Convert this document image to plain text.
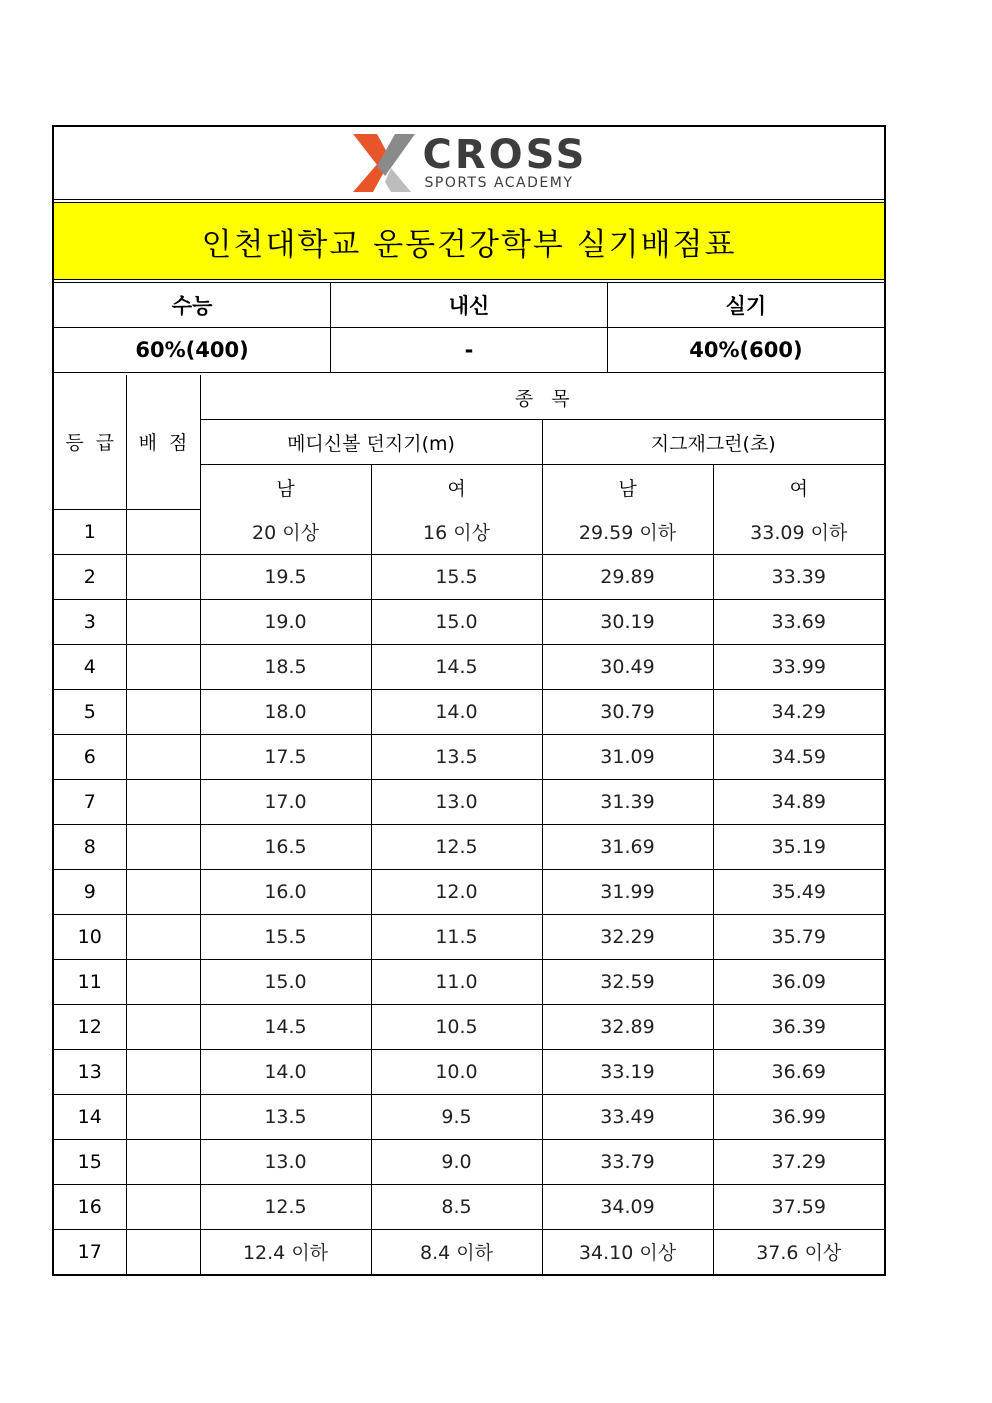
CROSS
SPORTS ACADEMY
인천대학교 운동건강학부 실기배점표
수능	내신	실기
60%(400)	-	40%(600)
등  급	배  점	종   목			
		메디신볼 던지기(m)		지그재그런(초)	
		남	여	남	여
1		20 이상	16 이상	29.59 이하	33.09 이하
2		19.5	15.5	29.89	33.39
3		19.0	15.0	30.19	33.69
4		18.5	14.5	30.49	33.99
5		18.0	14.0	30.79	34.29
6		17.5	13.5	31.09	34.59
7		17.0	13.0	31.39	34.89
8		16.5	12.5	31.69	35.19
9		16.0	12.0	31.99	35.49
10		15.5	11.5	32.29	35.79
11		15.0	11.0	32.59	36.09
12		14.5	10.5	32.89	36.39
13		14.0	10.0	33.19	36.69
14		13.5	9.5	33.49	36.99
15		13.0	9.0	33.79	37.29
16		12.5	8.5	34.09	37.59
17		12.4 이하	8.4 이하	34.10 이상	37.6 이상
